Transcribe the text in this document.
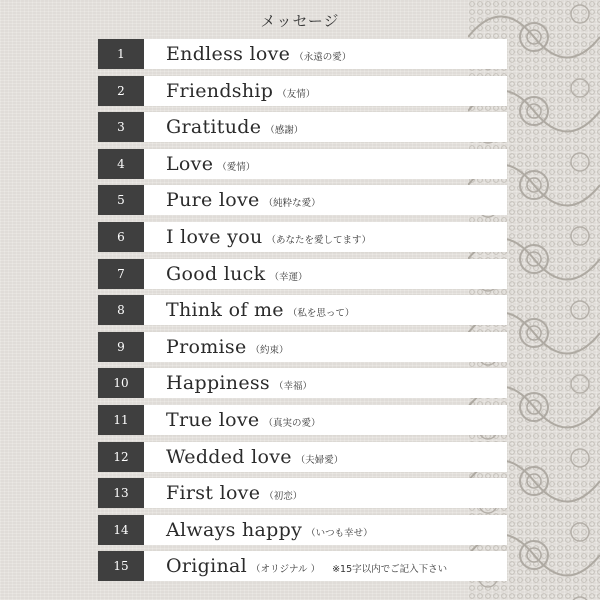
メッセージ
1	Endless love （永遠の愛）
2	Friendship （友情）
3	Gratitude （感謝）
4	Love （愛情）
5	Pure love （純粋な愛）
6	I love you （あなたを愛してます）
7	Good luck （幸運）
8	Think of me （私を思って）
9	Promise （約束）
10	Happiness （幸福）
11	True love （真実の愛）
12	Wedded love （夫婦愛）
13	First love （初恋）
14	Always happy （いつも幸せ）
15	Original （オリジナル ） ※15字以内でご記入下さい
